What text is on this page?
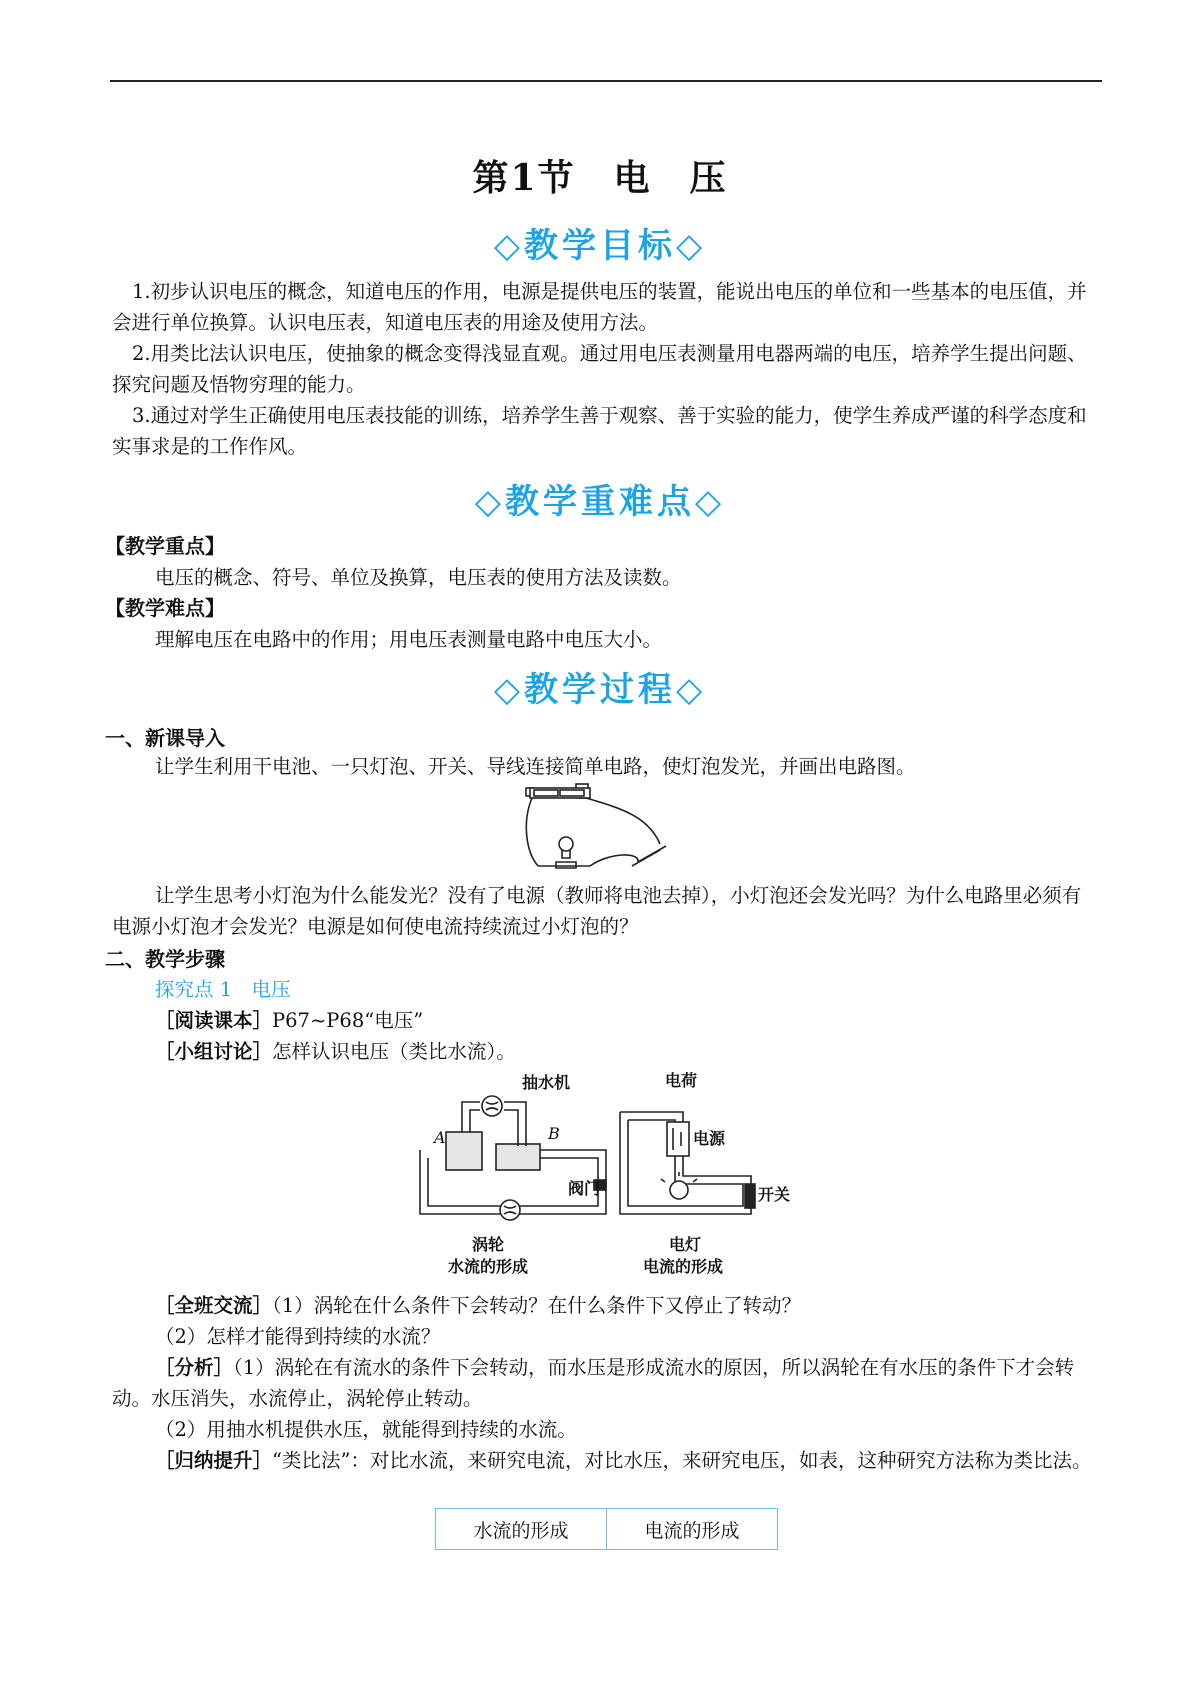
第1节　电　压
◇教学目标◇
1.初步认识电压的概念，知道电压的作用，电源是提供电压的装置，能说出电压的单位和一些基本的电压值，并会进行单位换算。认识电压表，知道电压表的用途及使用方法。
2.用类比法认识电压，使抽象的概念变得浅显直观。通过用电压表测量用电器两端的电压，培养学生提出问题、探究问题及悟物穷理的能力。
3.通过对学生正确使用电压表技能的训练，培养学生善于观察、善于实验的能力，使学生养成严谨的科学态度和实事求是的工作作风。
◇教学重难点◇
【教学重点】
电压的概念、符号、单位及换算，电压表的使用方法及读数。
【教学难点】
理解电压在电路中的作用；用电压表测量电路中电压大小。
◇教学过程◇
一、新课导入
让学生利用干电池、一只灯泡、开关、导线连接简单电路，使灯泡发光，并画出电路图。
让学生思考小灯泡为什么能发光？没有了电源（教师将电池去掉），小灯泡还会发光吗？为什么电路里必须有电源小灯泡才会发光？电源是如何使电流持续流过小灯泡的？
二、教学步骤
探究点 1　电压
［阅读课本］P67~P68“电压”
［小组讨论］怎样认识电压（类比水流）。
抽水机
A	B
阀门
涡轮
水流的形成
电荷
电源
开关
电灯
电流的形成
［全班交流］（1）涡轮在什么条件下会转动？在什么条件下又停止了转动？
（2）怎样才能得到持续的水流？
［分析］（1）涡轮在有流水的条件下会转动，而水压是形成流水的原因，所以涡轮在有水压的条件下才会转动。水压消失，水流停止，涡轮停止转动。
（2）用抽水机提供水压，就能得到持续的水流。
［归纳提升］“类比法”：对比水流，来研究电流，对比水压，来研究电压，如表，这种研究方法称为类比法。
水流的形成	电流的形成
